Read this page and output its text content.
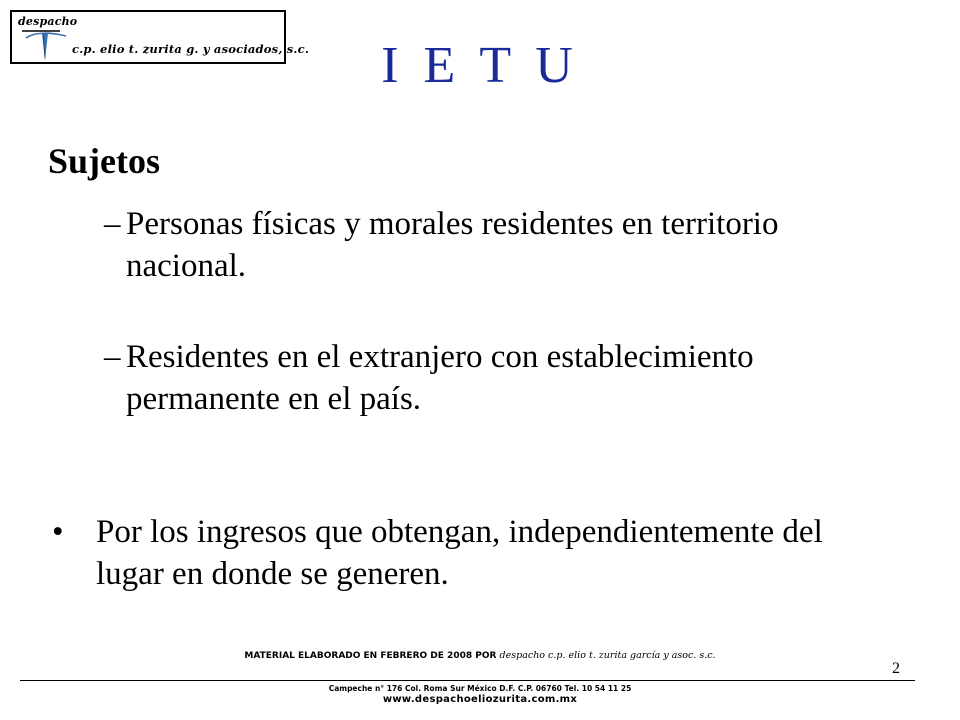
despacho
c.p. elio t. zurita g. y asociados, s.c.	I E T U
Sujetos
– Personas físicas y morales residentes en territorio nacional.
– Residentes en el extranjero con establecimiento permanente en el país.
• Por los ingresos que obtengan, independientemente del lugar en donde se generen.
MATERIAL ELABORADO EN FEBRERO DE 2008 POR despacho c.p. elio t. zurita garcía y asoc. s.c.
2
Campeche n° 176 Col. Roma Sur México D.F. C.P. 06760 Tel. 10 54 11 25
www.despachoeliozurita.com.mx
